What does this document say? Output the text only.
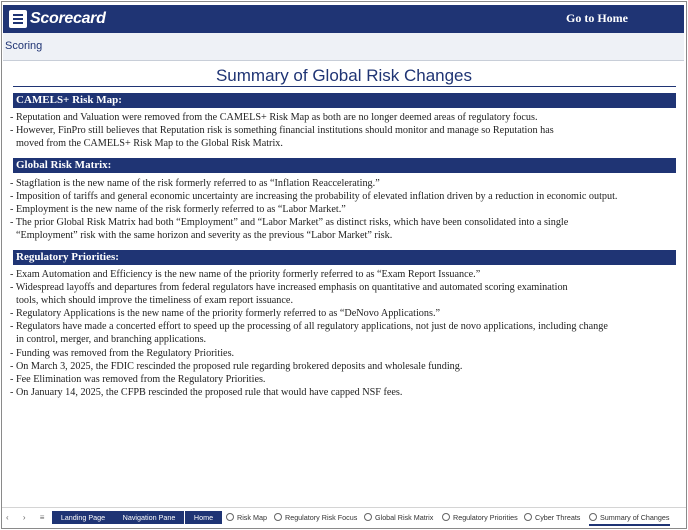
Scorecard	Go to Home
Scoring
Summary of Global Risk Changes
CAMELS+ Risk Map:
- Reputation and Valuation were removed from the CAMELS+ Risk Map as both are no longer deemed areas of regulatory focus.
- However, FinPro still believes that Reputation risk is something financial institutions should monitor and manage so Reputation has
moved from the CAMELS+ Risk Map to the Global Risk Matrix.
Global Risk Matrix:
- Stagflation is the new name of the risk formerly referred to as “Inflation Reaccelerating.”
- Imposition of tariffs and general economic uncertainty are increasing the probability of elevated inflation driven by a reduction in economic output.
- Employment is the new name of the risk formerly referred to as “Labor Market.”
- The prior Global Risk Matrix had both “Employment” and “Labor Market” as distinct risks, which have been consolidated into a single
“Employment” risk with the same horizon and severity as the previous “Labor Market” risk.
Regulatory Priorities:
- Exam Automation and Efficiency is the new name of the priority formerly referred to as “Exam Report Issuance.”
- Widespread layoffs and departures from federal regulators have increased emphasis on quantitative and automated scoring examination
tools, which should improve the timeliness of exam report issuance.
- Regulatory Applications is the new name of the priority formerly referred to as “DeNovo Applications.”
- Regulators have made a concerted effort to speed up the processing of all regulatory applications, not just de novo applications, including change
in control, merger, and branching applications.
- Funding was removed from the Regulatory Priorities.
- On March 3, 2025, the FDIC rescinded the proposed rule regarding brokered deposits and wholesale funding.
- Fee Elimination was removed from the Regulatory Priorities.
- On January 14, 2025, the CFPB rescinded the proposed rule that would have capped NSF fees.
‹ › ≡	Landing Page	Navigation Pane	Home	Risk Map	Regulatory Risk Focus	Global Risk Matrix	Regulatory Priorities	Cyber Threats	Summary of Changes
